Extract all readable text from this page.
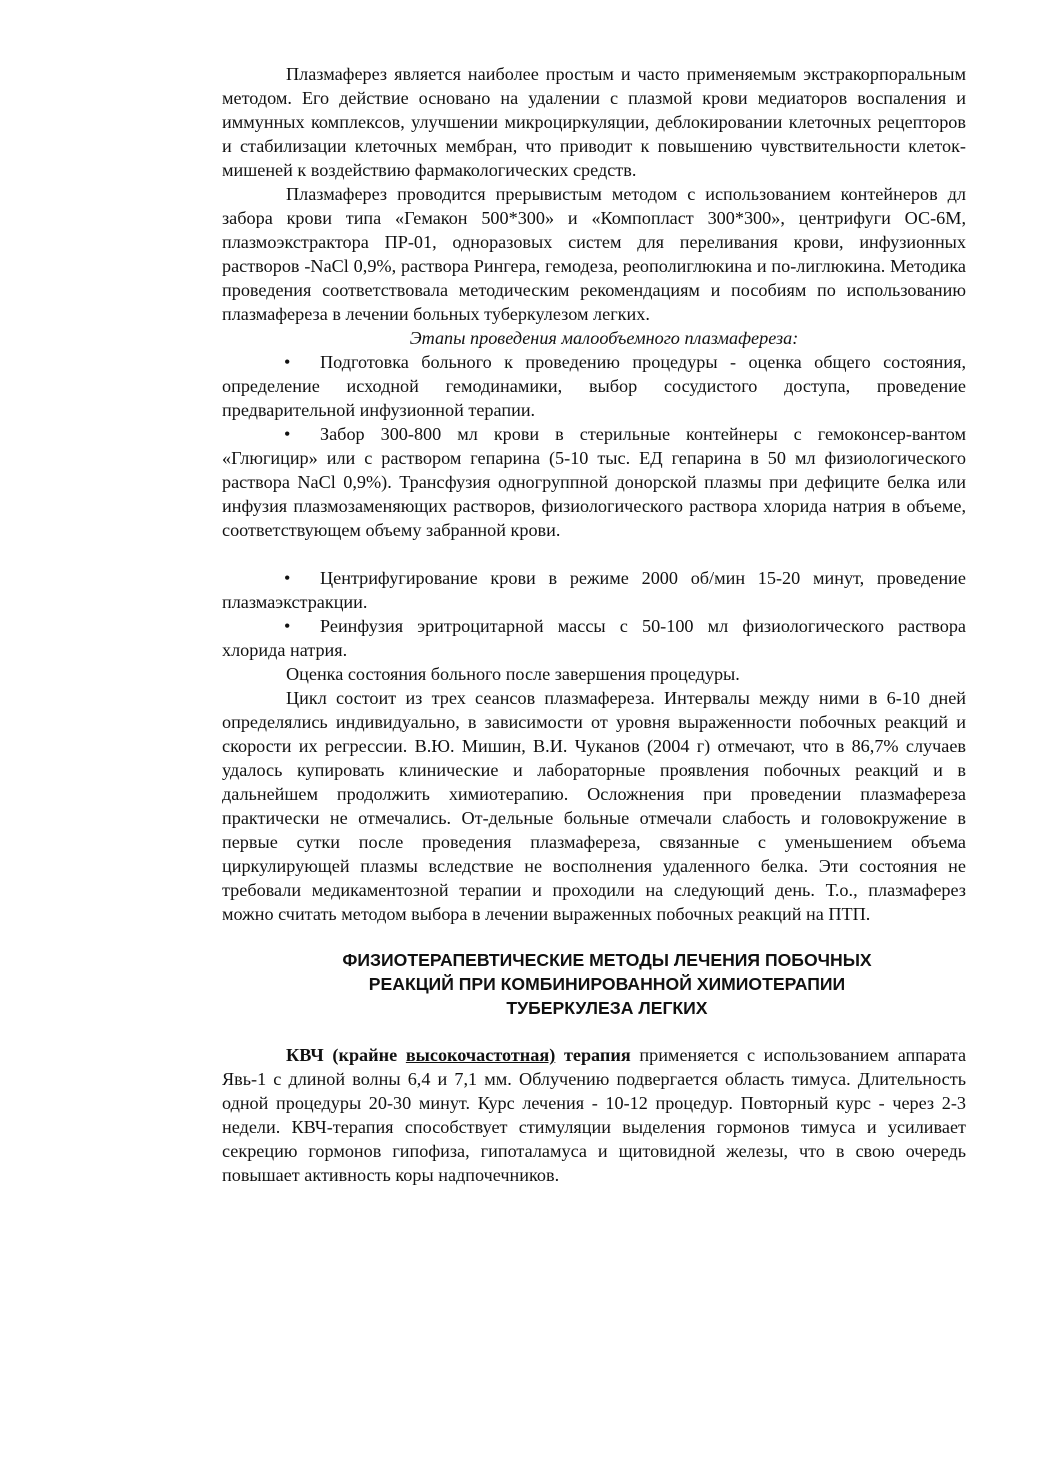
Плазмаферез является наиболее простым и часто применяемым экстракорпоральным методом. Его действие основано на удалении с плазмой крови медиаторов воспаления и иммунных комплексов, улучшении микроциркуляции, деблокировании клеточных рецепторов и стабилизации клеточных мембран, что приводит к повышению чувствительности клеток-мишеней к воздействию фармакологических средств.

Плазмаферез проводится прерывистым методом с использованием контейнеров дл забора крови типа «Гемакон 500*300» и «Компопласт 300*300», центрифуги ОС-6М, плазмоэкстрактора ПР-01, одноразовых систем для переливания крови, инфузионных растворов -NaCl 0,9%, раствора Рингера, гемодеза, реополиглюкина и по-лиглюкина. Методика проведения соответствовала методическим рекомендациям и пособиям по использованию плазмафереза в лечении больных туберкулезом легких.

Этапы проведения малообъемного плазмафереза:

• Подготовка больного к проведению процедуры - оценка общего состояния, определение исходной гемодинамики, выбор сосудистого доступа, проведение предварительной инфузионной терапии.

• Забор 300-800 мл крови в стерильные контейнеры с гемоконсер-вантом «Глюгицир» или с раствором гепарина (5-10 тыс. ЕД гепарина в 50 мл физиологического раствора NaCl 0,9%). Трансфузия одногруппной донорской плазмы при дефиците белка или инфузия плазмозаменяющих растворов, физиологического раствора хлорида натрия в объеме, соответствующем объему забранной крови.

• Центрифугирование крови в режиме 2000 об/мин 15-20 минут, проведение плазмаэкстракции.

• Реинфузия эритроцитарной массы с 50-100 мл физиологического раствора хлорида натрия.

Оценка состояния больного после завершения процедуры.

Цикл состоит из трех сеансов плазмафереза. Интервалы между ними в 6-10 дней определялись индивидуально, в зависимости от уровня выраженности побочных реакций и скорости их регрессии. В.Ю. Мишин, В.И. Чуканов (2004 г) отмечают, что в 86,7% случаев удалось купировать клинические и лабораторные проявления побочных реакций и в дальнейшем продолжить химиотерапию. Осложнения при проведении плазмафереза практически не отмечались. От-дельные больные отмечали слабость и головокружение в первые сутки после проведения плазмафереза, связанные с уменьшением объема циркулирующей плазмы вследствие не восполнения удаленного белка. Эти состояния не требовали медикаментозной терапии и проходили на следующий день. Т.о., плазмаферез можно считать методом выбора в лечении выраженных побочных реакций на ПТП.

ФИЗИОТЕРАПЕВТИЧЕСКИЕ МЕТОДЫ ЛЕЧЕНИЯ ПОБОЧНЫХ
РЕАКЦИЙ ПРИ КОМБИНИРОВАННОЙ ХИМИОТЕРАПИИ
ТУБЕРКУЛЕЗА ЛЕГКИХ

КВЧ (крайне высокочастотная) терапия применяется с использованием аппарата Явь-1 с длиной волны 6,4 и 7,1 мм. Облучению подвергается область тимуса. Длительность одной процедуры 20-30 минут. Курс лечения - 10-12 процедур. Повторный курс - через 2-3 недели. КВЧ-терапия способствует стимуляции выделения гормонов тимуса и усиливает секрецию гормонов гипофиза, гипоталамуса и щитовидной железы, что в свою очередь повышает активность коры надпочечников.
